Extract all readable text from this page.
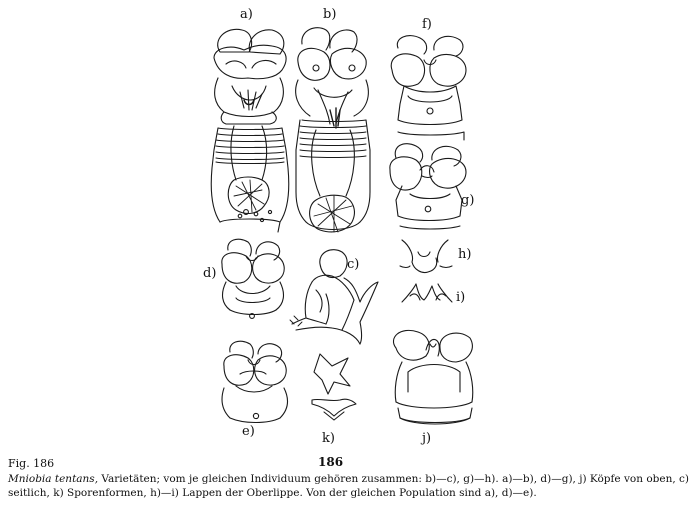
a)	b)
f)
g)
h)
i)
d)
c)
e)	k)	j)
Fig. 186	186
Mniobia tentans, Varietäten; vom je gleichen Individuum gehören zusammen: b)—c), g)—h). a)—b), d)—g), j) Köpfe von oben, c) seitlich, k) Sporenformen, h)—i) Lappen der Oberlippe. Von der gleichen Population sind a), d)—e).
